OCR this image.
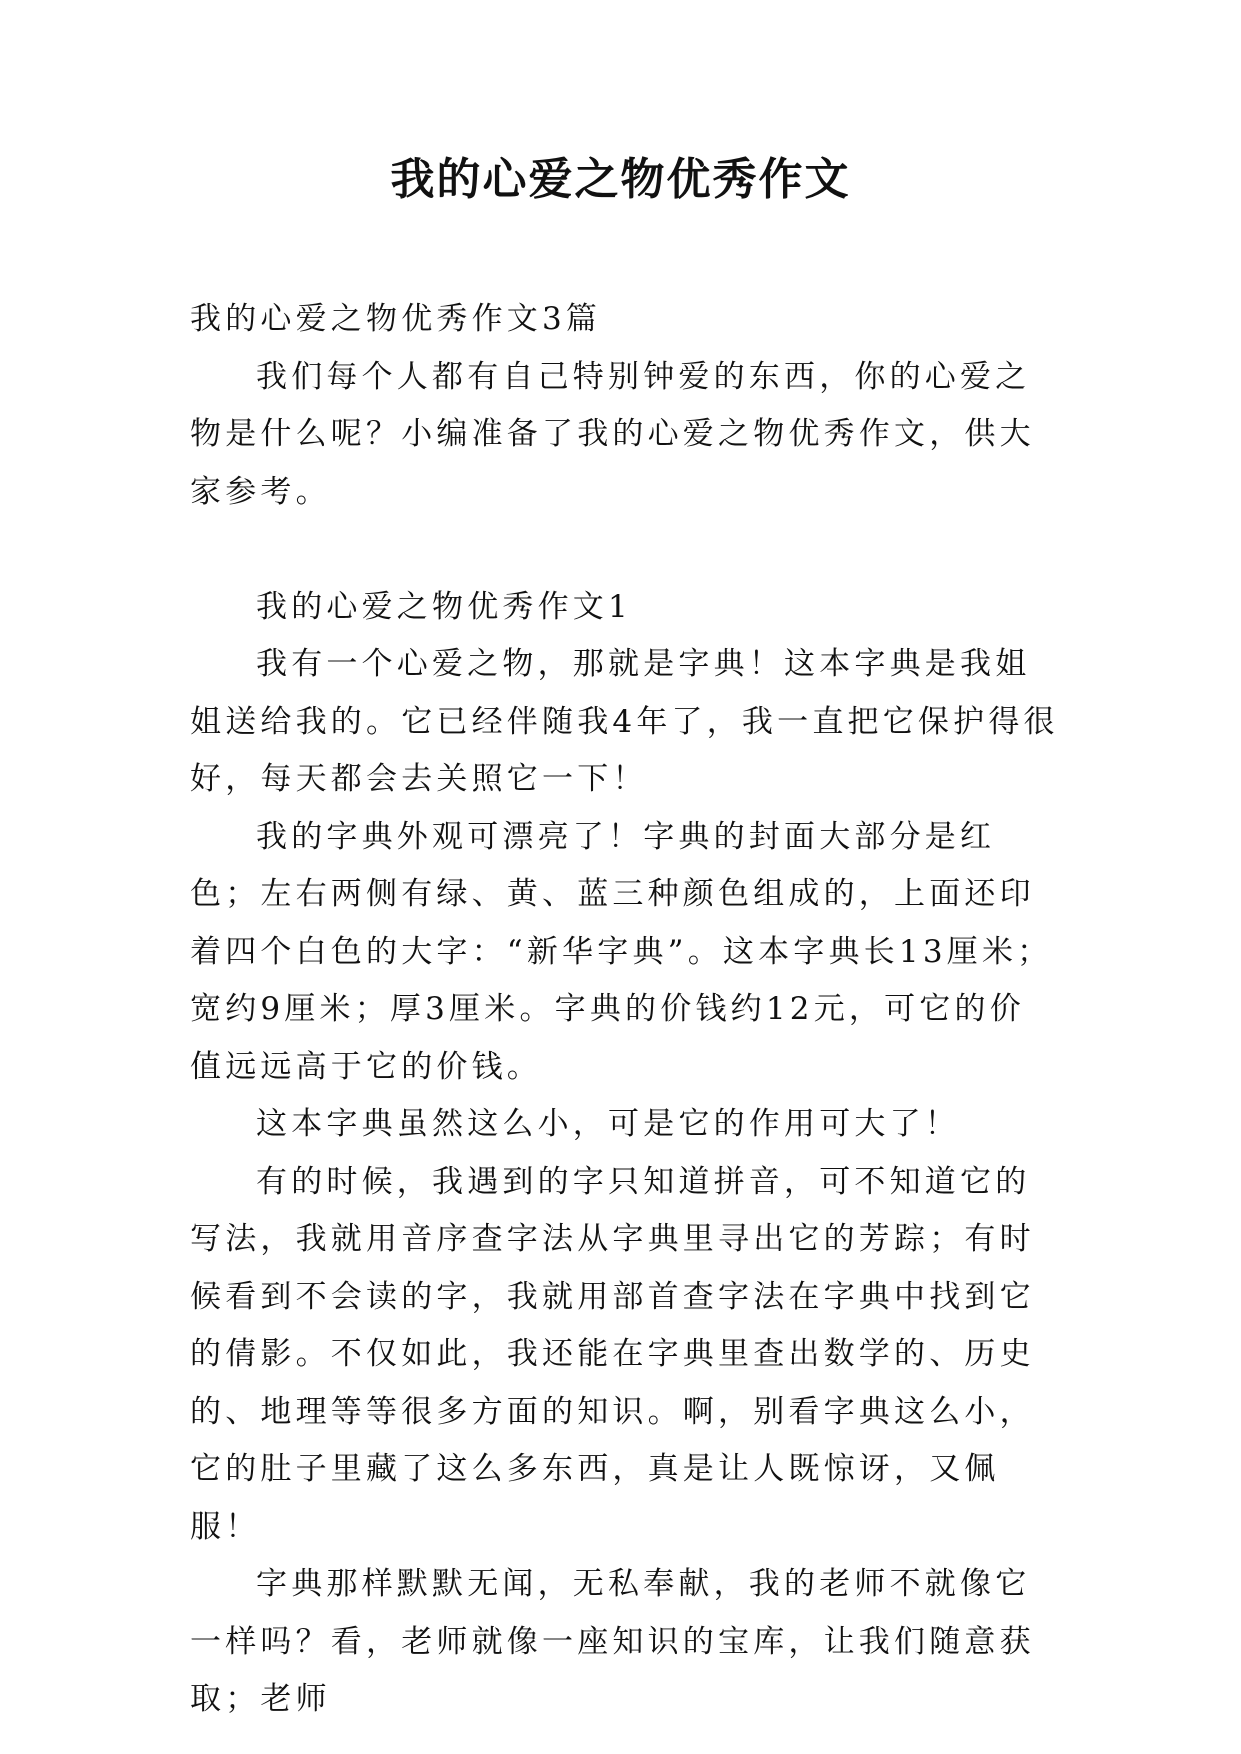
我的心爱之物优秀作文

我的心爱之物优秀作文3篇

我们每个人都有自己特别钟爱的东西，你的心爱之物是什么呢？小编准备了我的心爱之物优秀作文，供大家参考。

我的心爱之物优秀作文1

我有一个心爱之物，那就是字典！这本字典是我姐姐送给我的。它已经伴随我4年了，我一直把它保护得很好，每天都会去关照它一下！

我的字典外观可漂亮了！字典的封面大部分是红色；左右两侧有绿、黄、蓝三种颜色组成的，上面还印着四个白色的大字：“新华字典”。这本字典长13厘米；宽约9厘米；厚3厘米。字典的价钱约12元，可它的价值远远高于它的价钱。

这本字典虽然这么小，可是它的作用可大了！

有的时候，我遇到的字只知道拼音，可不知道它的写法，我就用音序查字法从字典里寻出它的芳踪；有时候看到不会读的字，我就用部首查字法在字典中找到它的倩影。不仅如此，我还能在字典里查出数学的、历史的、地理等等很多方面的知识。啊，别看字典这么小，它的肚子里藏了这么多东西，真是让人既惊讶，又佩服！

字典那样默默无闻，无私奉献，我的老师不就像它一样吗？看，老师就像一座知识的宝库，让我们随意获取；老师
